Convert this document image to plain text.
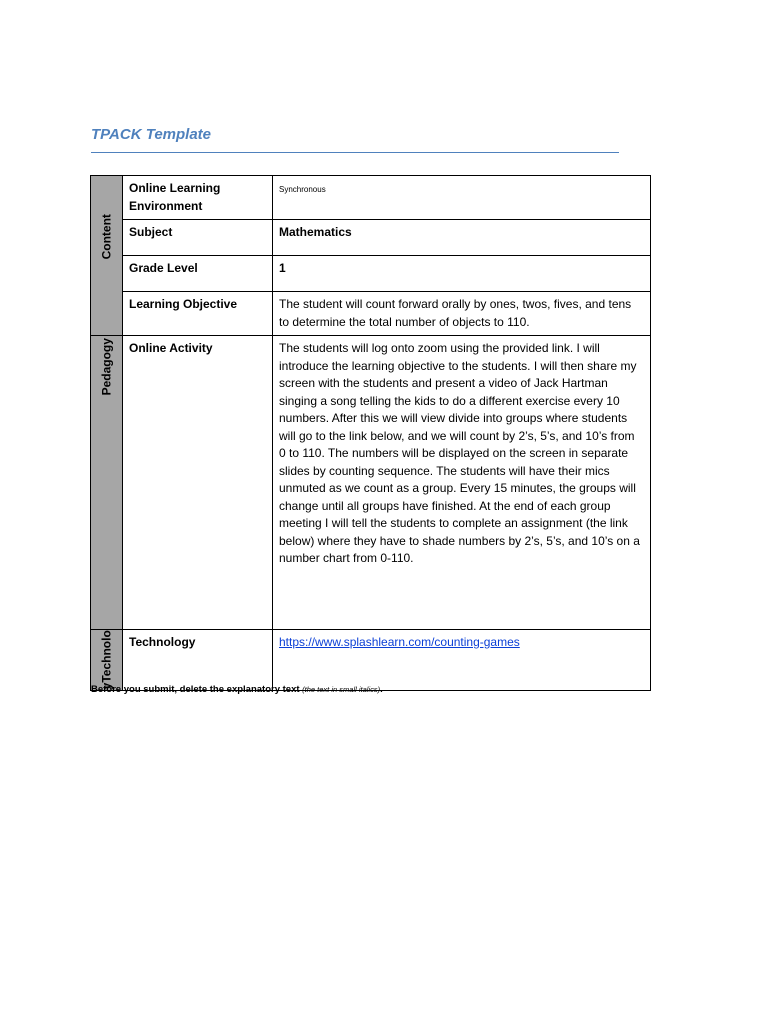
TPACK Template
Content	Online Learning Environment	Synchronous
	Subject	Mathematics
	Grade Level	1
	Learning Objective	The student will count forward orally by ones, twos, fives, and tens to determine the total number of objects to 110.

Pedagogy	Online Activity	The students will log onto zoom using the provided link. I will introduce the learning objective to the students. I will then share my screen with the students and present a video of Jack Hartman singing a song telling the kids to do a different exercise every 10 numbers. After this we will view divide into groups where students will go to the link below, and we will count by 2’s, 5’s, and 10’s from 0 to 110. The numbers will be displayed on the screen in separate slides by counting sequence. The students will have their mics unmuted as we count as a group. Every 15 minutes, the groups will change until all groups have finished. At the end of each group meeting I will tell the students to complete an assignment (the link below) where they have to shade numbers by 2’s, 5’s, and 10’s on a number chart from 0-110.

yTechnolo	Technology	https://www.splashlearn.com/counting-games
Before you submit, delete the explanatory text (the text in small italics).
